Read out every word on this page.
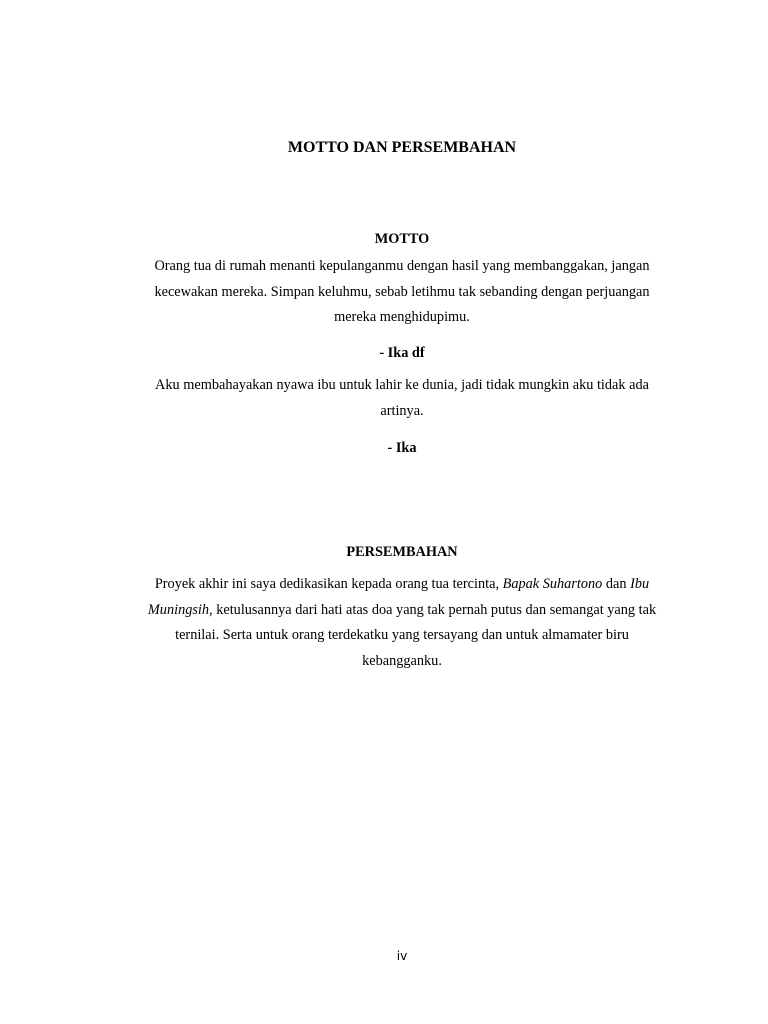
MOTTO DAN PERSEMBAHAN

MOTTO

Orang tua di rumah menanti kepulanganmu dengan hasil yang membanggakan, jangan kecewakan mereka. Simpan keluhmu, sebab letihmu tak sebanding dengan perjuangan mereka menghidupimu.

- Ika df

Aku membahayakan nyawa ibu untuk lahir ke dunia, jadi tidak mungkin aku tidak ada artinya.

- Ika

PERSEMBAHAN

Proyek akhir ini saya dedikasikan kepada orang tua tercinta, Bapak Suhartono dan Ibu Muningsih, ketulusannya dari hati atas doa yang tak pernah putus dan semangat yang tak ternilai. Serta untuk orang terdekatku yang tersayang dan untuk almamater biru kebangganku.

iv
